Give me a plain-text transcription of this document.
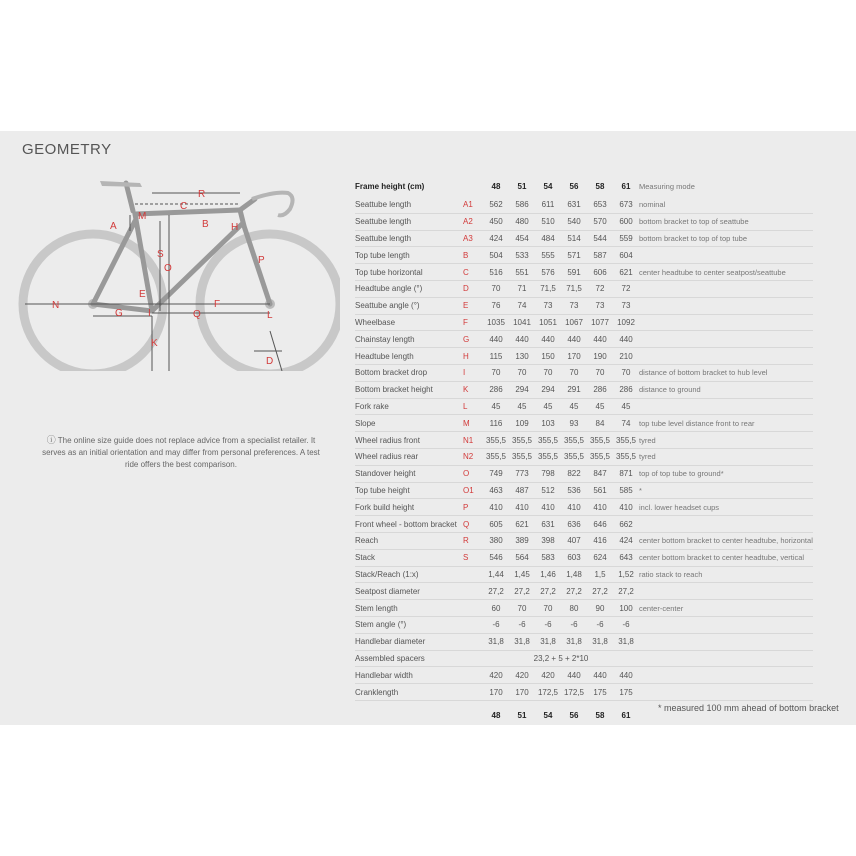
GEOMETRY
A
M
C
R
B H
S
O
P
E
N
G	I	Q
F
L
K
D
ⓘ The online size guide does not replace advice from a specialist retailer. It serves as an initial orientation and may differ from personal preferences. A test ride offers the best comparison.
Frame height (cm)		48	51	54	56	58	61	Measuring mode
Seattube length	A1	562	586	611	631	653	673	nominal
Seattube length	A2	450	480	510	540	570	600	bottom bracket to top of seattube
Seattube length	A3	424	454	484	514	544	559	bottom bracket to top of top tube
Top tube length	B	504	533	555	571	587	604	
Top tube horizontal	C	516	551	576	591	606	621	center headtube to center seatpost/seattube
Headtube angle (°)	D	70	71	71,5	71,5	72	72	
Seattube angle (°)	E	76	74	73	73	73	73	
Wheelbase	F	1035	1041	1051	1067	1077	1092	
Chainstay length	G	440	440	440	440	440	440	
Headtube length	H	115	130	150	170	190	210	
Bottom bracket drop	I	70	70	70	70	70	70	distance of bottom bracket to hub level
Bottom bracket height	K	286	294	294	291	286	286	distance to ground
Fork rake	L	45	45	45	45	45	45	
Slope	M	116	109	103	93	84	74	top tube level distance front to rear
Wheel radius front	N1	355,5	355,5	355,5	355,5	355,5	355,5	tyred
Wheel radius rear	N2	355,5	355,5	355,5	355,5	355,5	355,5	tyred
Standover height	O	749	773	798	822	847	871	top of top tube to ground*
Top tube height	O1	463	487	512	536	561	585	*
Fork build height	P	410	410	410	410	410	410	incl. lower headset cups
Front wheel - bottom bracket	Q	605	621	631	636	646	662	
Reach	R	380	389	398	407	416	424	center bottom bracket to center headtube, horizontal
Stack	S	546	564	583	603	624	643	center bottom bracket to center headtube, vertical
Stack/Reach (1:x)		1,44	1,45	1,46	1,48	1,5	1,52	ratio stack to reach
Seatpost diameter		27,2	27,2	27,2	27,2	27,2	27,2	
Stem length		60	70	70	80	90	100	center-center
Stem angle (°)		-6	-6	-6	-6	-6	-6	
Handlebar diameter		31,8	31,8	31,8	31,8	31,8	31,8	
Assembled spacers		23,2 + 5 + 2*10						
Handlebar width		420	420	420	440	440	440	
Cranklength		170	170	172,5	172,5	175	175	
		48	51	54	56	58	61	
* measured 100 mm ahead of bottom bracket
